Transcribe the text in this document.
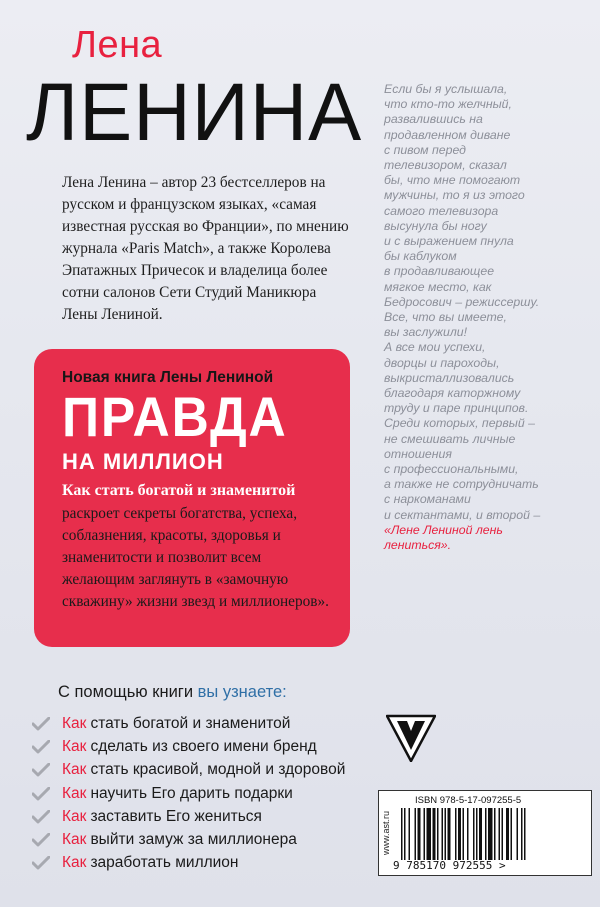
Лена
ЛЕНИНА
Лена Ленина – автор 23 бестселлеров на русском и французском языках, «самая известная русская во Франции», по мнению журнала «Paris Match», а также Королева Эпатажных Причесок и владелица более сотни салонов Сети Студий Маникюра Лены Лениной.
Новая книга Лены Лениной
ПРАВДА
НА МИЛЛИОН
Как стать богатой и знаменитой
раскроет секреты богатства, успеха, соблазнения, красоты, здоровья и знаменитости и позволит всем желающим заглянуть в «замочную скважину» жизни звезд и миллионеров».
Если бы я услышала,
что кто-то желчный,
развалившись на
продавленном диване
с пивом перед
телевизором, сказал
бы, что мне помогают
мужчины, то я из этого
самого телевизора
высунула бы ногу
и с выражением пнула
бы каблуком
в продавливающее
мягкое место, как
Бедросович – режиссершу.
Все, что вы имеете,
вы заслужили!
А все мои успехи,
дворцы и пароходы,
выкристаллизовались
благодаря каторжному
труду и паре принципов.
Среди которых, первый –
не смешивать личные
отношения
с профессиональными,
а также не сотрудничать
с наркоманами
и сектантами, и второй –
«Лене Лениной лень
лениться».
С помощью книги вы узнаете:
Как стать богатой и знаменитой
Как сделать из своего имени бренд
Как стать красивой, модной и здоровой
Как научить Его дарить подарки
Как заставить Его жениться
Как выйти замуж за миллионера
Как заработать миллион
www.ast.ru
ISBN 978-5-17-097255-5
9 785170 972555 >
